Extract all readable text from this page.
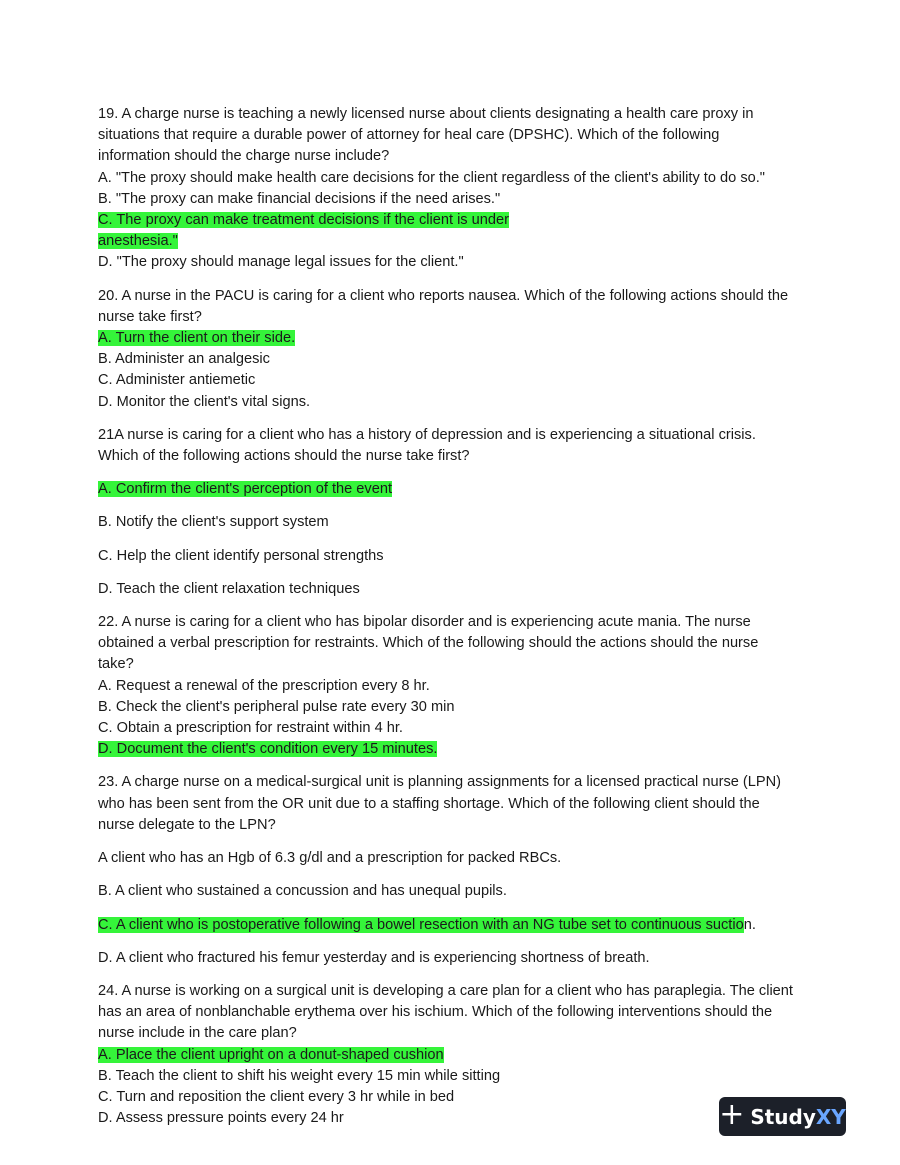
19. A charge nurse is teaching a newly licensed nurse about clients designating a health care proxy in
situations that require a durable power of attorney for heal care (DPSHC). Which of the following
information should the charge nurse include?
A. "The proxy should make health care decisions for the client regardless of the client's ability to do so."
B. "The proxy can make financial decisions if the need arises."
C. The proxy can make treatment decisions if the client is under
anesthesia."
D. "The proxy should manage legal issues for the client."
20. A nurse in the PACU is caring for a client who reports nausea. Which of the following actions should the
nurse take first?
A. Turn the client on their side.
B. Administer an analgesic
C. Administer antiemetic
D. Monitor the client's vital signs.
21A nurse is caring for a client who has a history of depression and is experiencing a situational crisis.
Which of the following actions should the nurse take first?
A. Confirm the client's perception of the event
B. Notify the client's support system
C. Help the client identify personal strengths
D. Teach the client relaxation techniques
22. A nurse is caring for a client who has bipolar disorder and is experiencing acute mania. The nurse
obtained a verbal prescription for restraints. Which of the following should the actions should the nurse
take?
A. Request a renewal of the prescription every 8 hr.
B. Check the client's peripheral pulse rate every 30 min
C. Obtain a prescription for restraint within 4 hr.
D. Document the client's condition every 15 minutes.
23. A charge nurse on a medical-surgical unit is planning assignments for a licensed practical nurse (LPN)
who has been sent from the OR unit due to a staffing shortage. Which of the following client should the
nurse delegate to the LPN?
A client who has an Hgb of 6.3 g/dl and a prescription for packed RBCs.
B. A client who sustained a concussion and has unequal pupils.
C. A client who is postoperative following a bowel resection with an NG tube set to continuous suction.
D. A client who fractured his femur yesterday and is experiencing shortness of breath.
24. A nurse is working on a surgical unit is developing a care plan for a client who has paraplegia. The client
has an area of nonblanchable erythema over his ischium. Which of the following interventions should the
nurse include in the care plan?
A. Place the client upright on a donut-shaped cushion
B. Teach the client to shift his weight every 15 min while sitting
C. Turn and reposition the client every 3 hr while in bed
D. Assess pressure points every 24 hr	+ StudyXY
